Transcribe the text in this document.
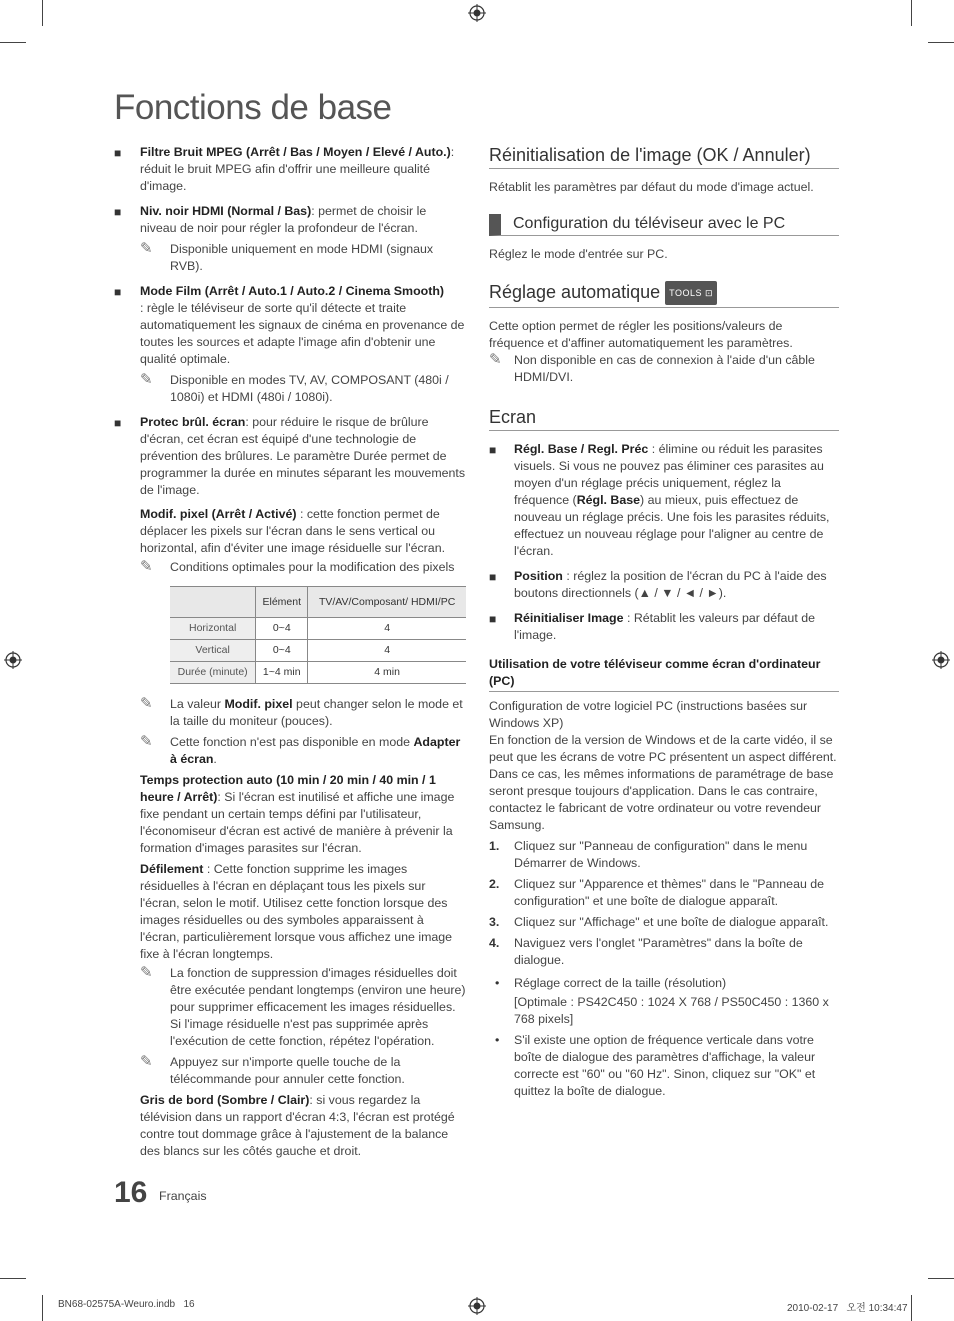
Fonctions de base
■ Filtre Bruit MPEG (Arrêt / Bas / Moyen / Elevé / Auto.): réduit le bruit MPEG afin d'offrir une meilleure qualité d'image.

■ Niv. noir HDMI (Normal / Bas): permet de choisir le niveau de noir pour régler la profondeur de l'écran.

✎ Disponible uniquement en mode HDMI (signaux RVB).

■ Mode Film (Arrêt / Auto.1 / Auto.2 / Cinema Smooth)
: règle le téléviseur de sorte qu'il détecte et traite automatiquement les signaux de cinéma en provenance de toutes les sources et adapte l'image afin d'obtenir une qualité optimale.

✎ Disponible en modes TV, AV, COMPOSANT (480i / 1080i) et HDMI (480i / 1080i).

■ Protec brûl. écran: pour réduire le risque de brûlure d'écran, cet écran est équipé d'une technologie de prévention des brûlures. Le paramètre Durée permet de programmer la durée en minutes séparant les mouvements de l'image.

Modif. pixel (Arrêt / Activé) : cette fonction permet de déplacer les pixels sur l'écran dans le sens vertical ou horizontal, afin d'éviter une image résiduelle sur l'écran.

✎ Conditions optimales pour la modification des pixels

	Elément	TV/AV/Composant/ HDMI/PC
Horizontal	0~4	4
Vertical	0~4	4
Durée (minute)	1~4 min	4 min
✎ La valeur Modif. pixel peut changer selon le mode et la taille du moniteur (pouces).

✎ Cette fonction n'est pas disponible en mode Adapter à écran.

Temps protection auto (10 min / 20 min / 40 min / 1 heure / Arrêt): Si l'écran est inutilisé et affiche une image fixe pendant un certain temps défini par l'utilisateur, l'économiseur d'écran est activé de manière à prévenir la formation d'images parasites sur l'écran.

Défilement : Cette fonction supprime les images résiduelles à l'écran en déplaçant tous les pixels sur l'écran, selon le motif. Utilisez cette fonction lorsque des images résiduelles ou des symboles apparaissent à l'écran, particulièrement lorsque vous affichez une image fixe à l'écran longtemps.

✎ La fonction de suppression d'images résiduelles doit être exécutée pendant longtemps (environ une heure) pour supprimer efficacement les images résiduelles. Si l'image résiduelle n'est pas supprimée après l'exécution de cette fonction, répétez l'opération.

✎ Appuyez sur n'importe quelle touche de la télécommande pour annuler cette fonction.

Gris de bord (Sombre / Clair): si vous regardez la télévision dans un rapport d'écran 4:3, l'écran est protégé contre tout dommage grâce à l'ajustement de la balance des blancs sur les côtés gauche et droit.

Réinitialisation de l'image (OK / Annuler)

Rétablit les paramètres par défaut du mode d'image actuel.

Configuration du téléviseur avec le PC

Réglez le mode d'entrée sur PC.

Réglage automatique TOOLS ⊡

Cette option permet de régler les positions/valeurs de fréquence et d'affiner automatiquement les paramètres.

✎ Non disponible en cas de connexion à l'aide d'un câble HDMI/DVI.

Ecran
■ Régl. Base / Regl. Préc : élimine ou réduit les parasites visuels. Si vous ne pouvez pas éliminer ces parasites au moyen d'un réglage précis uniquement, réglez la fréquence (Régl. Base) au mieux, puis effectuez de nouveau un réglage précis. Une fois les parasites réduits, effectuez un nouveau réglage pour l'aligner au centre de l'écran.

■ Position : réglez la position de l'écran du PC à l'aide des boutons directionnels (▲ / ▼ / ◄ / ►).

■ Réinitialiser Image : Rétablit les valeurs par défaut de l'image.

Utilisation de votre téléviseur comme écran d'ordinateur (PC)

Configuration de votre logiciel PC (instructions basées sur Windows XP)

En fonction de la version de Windows et de la carte vidéo, il se peut que les écrans de votre PC présentent un aspect différent. Dans ce cas, les mêmes informations de paramétrage de base seront presque toujours d'application. Dans le cas contraire, contactez le fabricant de votre ordinateur ou votre revendeur Samsung.

1. Cliquez sur "Panneau de configuration" dans le menu Démarrer de Windows.

2. Cliquez sur "Apparence et thèmes" dans le "Panneau de configuration" et une boîte de dialogue apparaît.

3. Cliquez sur "Affichage" et une boîte de dialogue apparaît.

4. Naviguez vers l'onglet "Paramètres" dans la boîte de dialogue.

• Réglage correct de la taille (résolution)

[Optimale : PS42C450 : 1024 X 768 / PS50C450 : 1360 x 768 pixels]

• S'il existe une option de fréquence verticale dans votre boîte de dialogue des paramètres d'affichage, la valeur correcte est "60" ou "60 Hz". Sinon, cliquez sur "OK" et quittez la boîte de dialogue.

16 Français
BN68-02575A-Weuro.indb   16	2010-02-17   오전 10:34:47
